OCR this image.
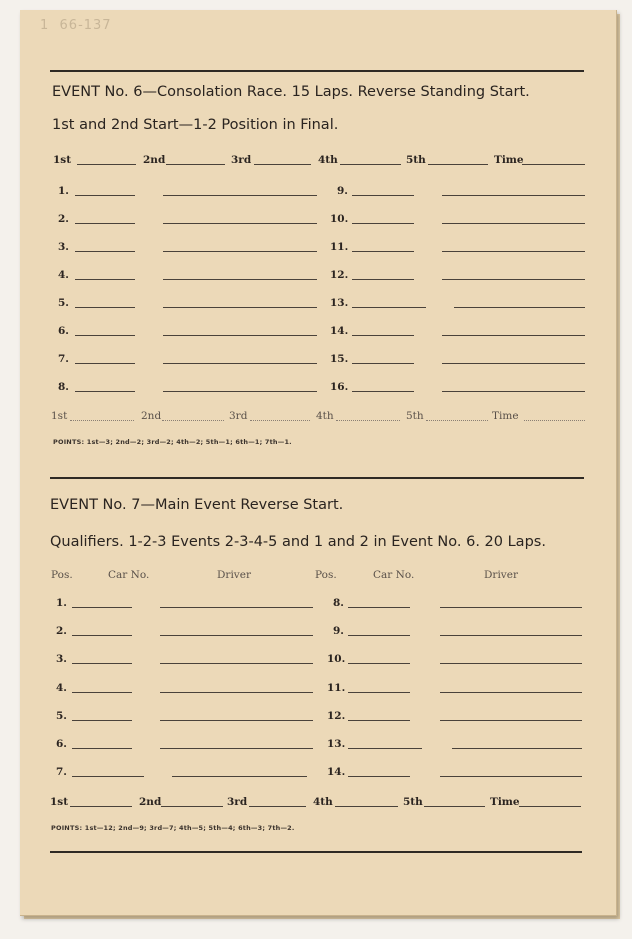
1  66-137
EVENT No. 6—Consolation Race. 15 Laps. Reverse Standing Start.
1st and 2nd Start—1-2 Position in Final.
1st	2nd	3rd	4th	5th	Time
1.	9.
2.	10.
3.	11.
4.	12.
5.	13.
6.	14.
7.	15.
8.	16.
1st	2nd	3rd	4th	5th	Time
POINTS: 1st—3; 2nd—2; 3rd—2; 4th—2; 5th—1; 6th—1; 7th—1.
EVENT No. 7—Main Event Reverse Start.
Qualifiers. 1-2-3 Events 2-3-4-5 and 1 and 2 in Event No. 6. 20 Laps.
Pos.	Car No.	Driver	Pos.	Car No.	Driver
1.	8.
2.	9.
3.	10.
4.	11.
5.	12.
6.	13.
7.	14.
1st	2nd	3rd	4th	5th	Time
POINTS: 1st—12; 2nd—9; 3rd—7; 4th—5; 5th—4; 6th—3; 7th—2.
